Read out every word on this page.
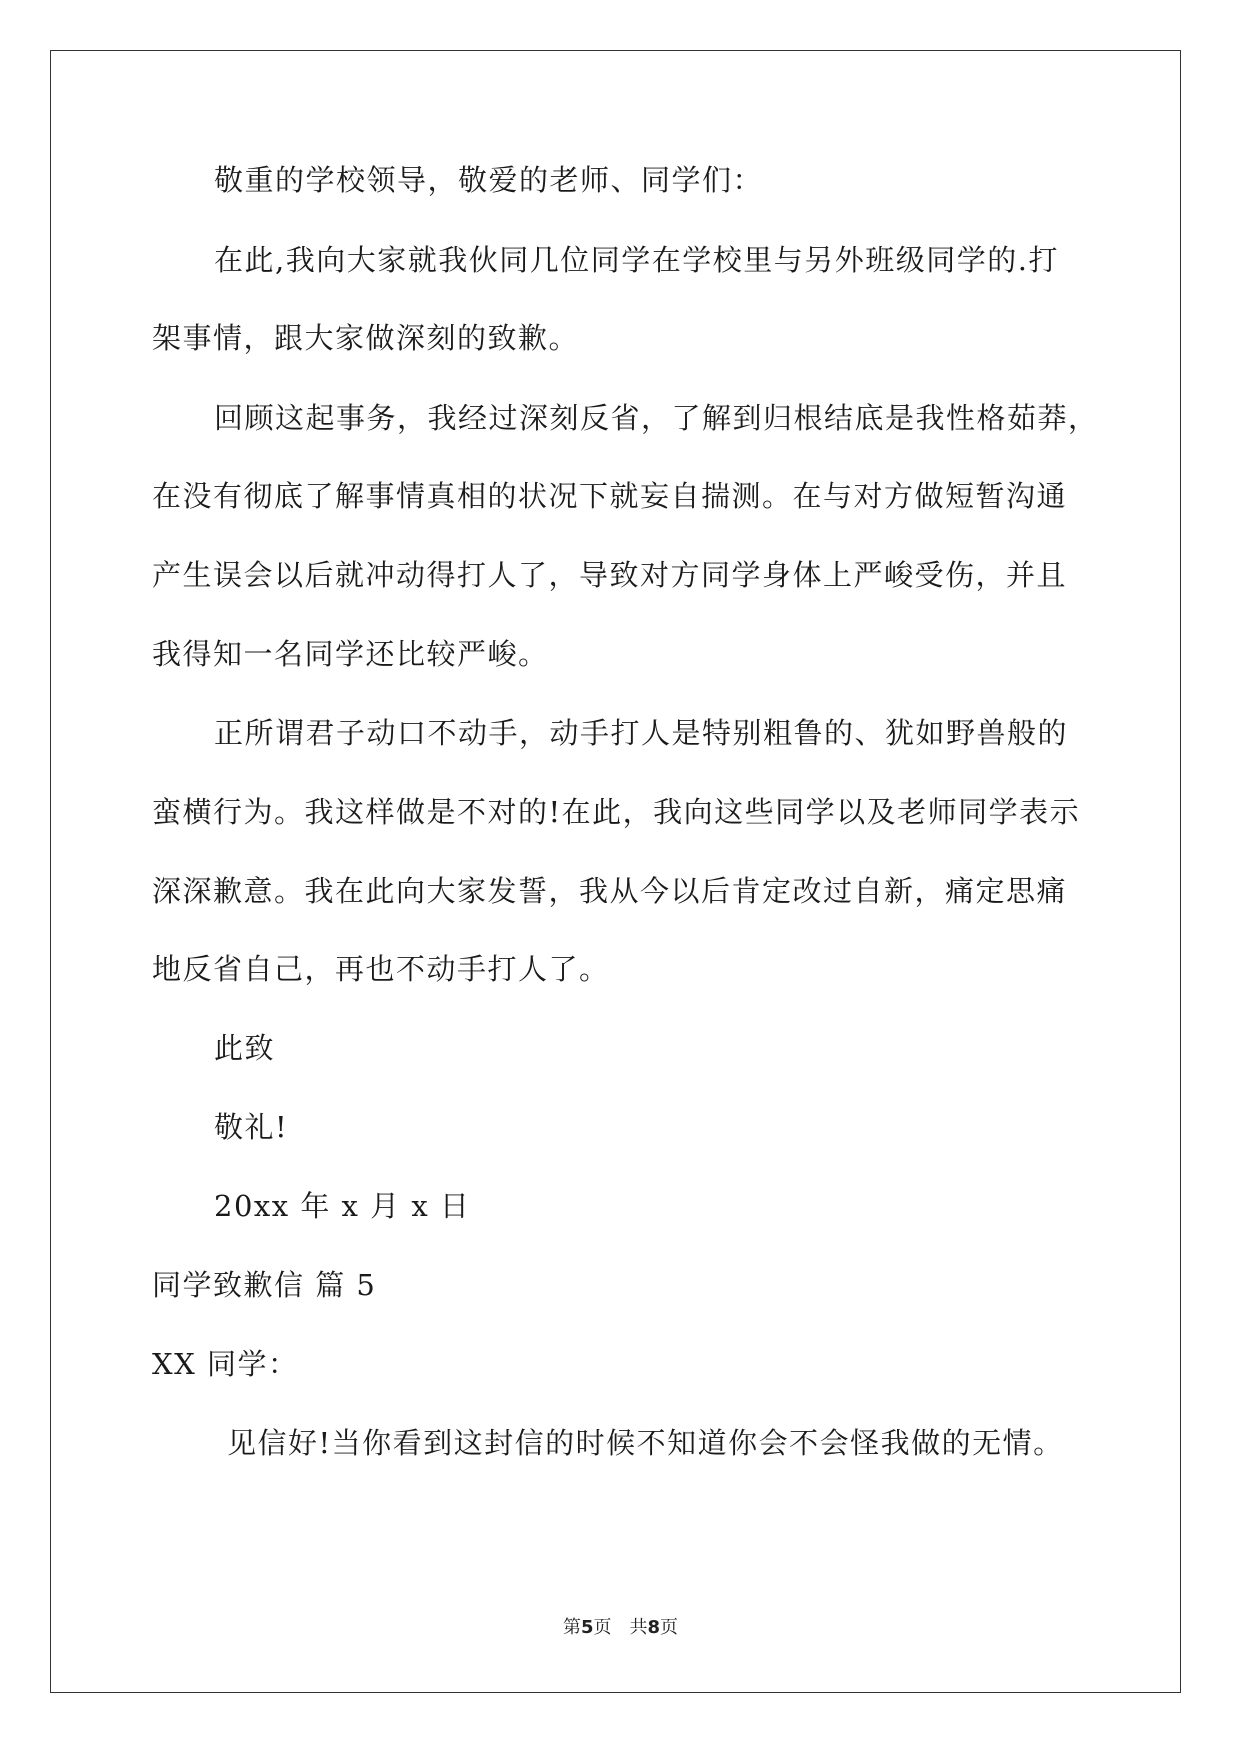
敬重的学校领导，敬爱的老师、同学们：
在此,我向大家就我伙同几位同学在学校里与另外班级同学的.打
架事情，跟大家做深刻的致歉。
回顾这起事务，我经过深刻反省，了解到归根结底是我性格茹莽，
在没有彻底了解事情真相的状况下就妄自揣测。在与对方做短暂沟通
产生误会以后就冲动得打人了，导致对方同学身体上严峻受伤，并且
我得知一名同学还比较严峻。
正所谓君子动口不动手，动手打人是特别粗鲁的、犹如野兽般的
蛮横行为。我这样做是不对的!在此，我向这些同学以及老师同学表示
深深歉意。我在此向大家发誓，我从今以后肯定改过自新，痛定思痛
地反省自己，再也不动手打人了。
此致
敬礼!
20xx 年 x 月 x 日
同学致歉信 篇 5
XX 同学：
见信好!当你看到这封信的时候不知道你会不会怪我做的无情。
第5页 共8页
